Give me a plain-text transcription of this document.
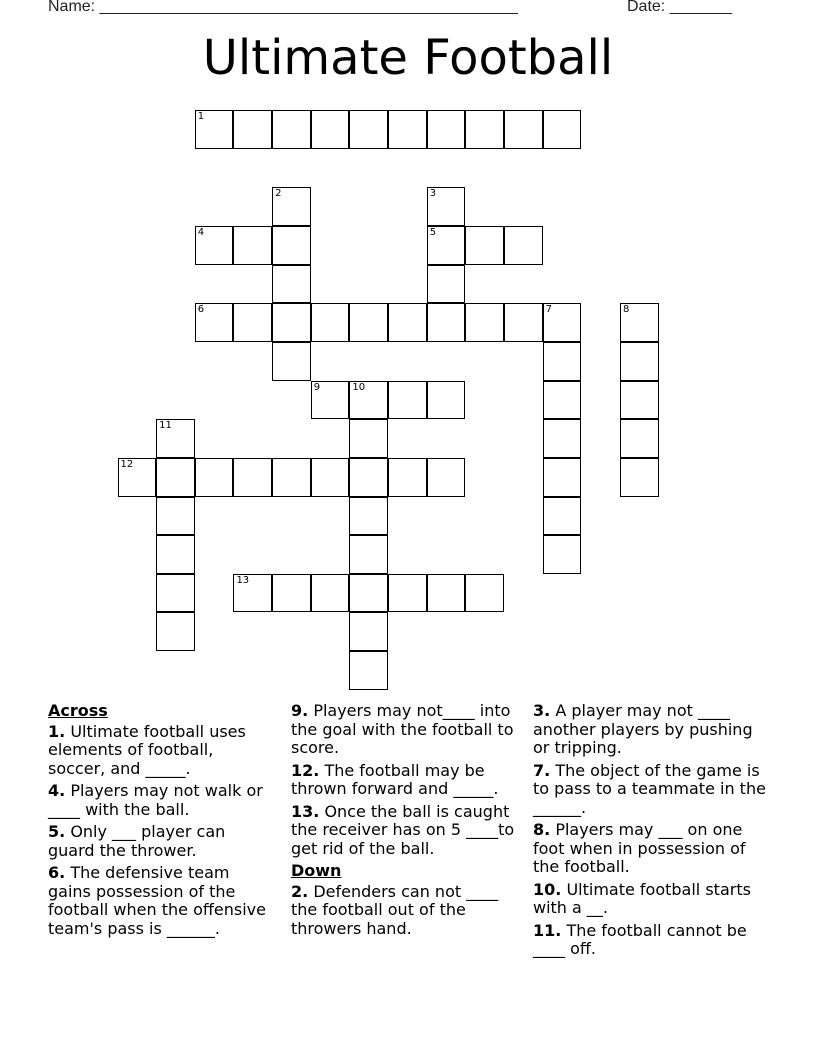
Name: _______________________________________________	Date: _______
Ultimate Football
1
2	3
4	5
6	7	8
9	10
11
12
13
Across
1. Ultimate football uses elements of football, soccer, and _____.
4. Players may not walk or ____ with the ball.
5. Only ___ player can guard the thrower.
6. The defensive team gains possession of the football when the offensive team's pass is ______.
9. Players may not____ into the goal with the football to score.
12. The football may be thrown forward and _____.
13. Once the ball is caught the receiver has on 5 ____to get rid of the ball.
Down
2. Defenders can not ____ the football out of the throwers hand.
3. A player may not ____ another players by pushing or tripping.
7. The object of the game is to pass to a teammate in the ______.
8. Players may ___ on one foot when in possession of the football.
10. Ultimate football starts with a __.
11. The football cannot be ____ off.
